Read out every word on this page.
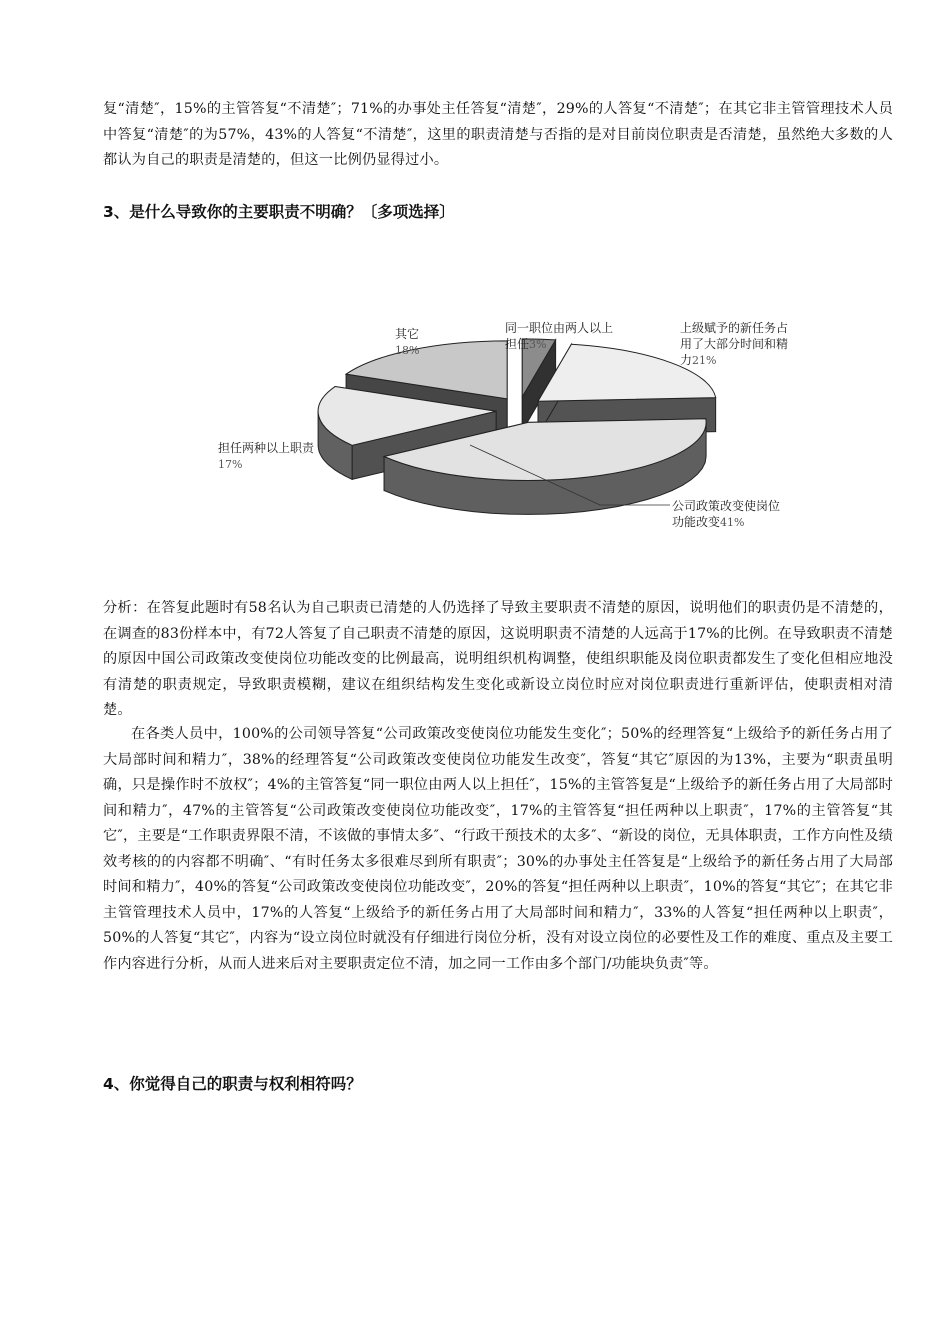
复“清楚″，15%的主管答复“不清楚″；71%的办事处主任答复“清楚″，29%的人答复“不清楚″；在其它非主管管理技术人员中答复“清楚″的为57%，43%的人答复“不清楚″，这里的职责清楚与否指的是对目前岗位职责是否清楚，虽然绝大多数的人都认为自己的职责是清楚的，但这一比例仍显得过小。

3、是什么导致你的主要职责不明确？〔多项选择〕
同一职位由两人以上担任3%
上级赋予的新任务占用了大部分时间和精力21%
公司政策改变使岗位功能改变41%
担任两种以上职责 17%
其它 18%

分析：在答复此题时有58名认为自己职责已清楚的人仍选择了导致主要职责不清楚的原因，说明他们的职责仍是不清楚的，在调查的83份样本中，有72人答复了自己职责不清楚的原因，这说明职责不清楚的人远高于17%的比例。在导致职责不清楚的原因中国公司政策改变使岗位功能改变的比例最高，说明组织机构调整，使组织职能及岗位职责都发生了变化但相应地没有清楚的职责规定，导致职责模糊，建议在组织结构发生变化或新设立岗位时应对岗位职责进行重新评估，使职责相对清楚。

在各类人员中，100%的公司领导答复“公司政策改变使岗位功能发生变化″；50%的经理答复“上级给予的新任务占用了大局部时间和精力″，38%的经理答复“公司政策改变使岗位功能发生改变″，答复“其它″原因的为13%，主要为“职责虽明确，只是操作时不放权″；4%的主管答复“同一职位由两人以上担任″，15%的主管答复是“上级给予的新任务占用了大局部时间和精力″，47%的主管答复“公司政策改变使岗位功能改变″，17%的主管答复“担任两种以上职责″，17%的主管答复“其它″，主要是“工作职责界限不清，不该做的事情太多″、“行政干预技术的太多″、“新设的岗位，无具体职责，工作方向性及绩效考核的的内容都不明确″、“有时任务太多很难尽到所有职责″；30%的办事处主任答复是“上级给予的新任务占用了大局部时间和精力″，40%的答复“公司政策改变使岗位功能改变″，20%的答复“担任两种以上职责″，10%的答复“其它″；在其它非主管管理技术人员中，17%的人答复“上级给予的新任务占用了大局部时间和精力″，33%的人答复“担任两种以上职责″，50%的人答复“其它″，内容为“设立岗位时就没有仔细进行岗位分析，没有对设立岗位的必要性及工作的难度、重点及主要工作内容进行分析，从而人进来后对主要职责定位不清，加之同一工作由多个部门/功能块负责″等。

4、你觉得自己的职责与权利相符吗？
